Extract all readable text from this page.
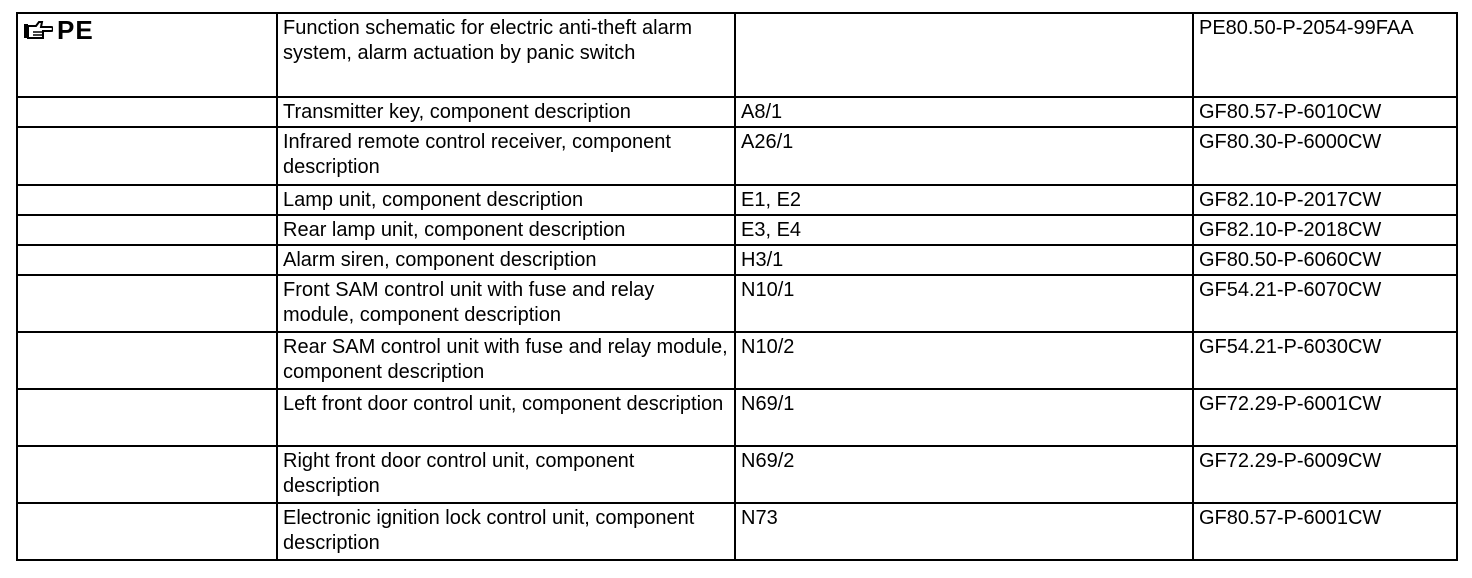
PE	Function schematic for electric anti-theft alarm system, alarm actuation by panic switch		PE80.50-P-2054-99FAA
	Transmitter key, component description	A8/1	GF80.57-P-6010CW
	Infrared remote control receiver, component description	A26/1	GF80.30-P-6000CW
	Lamp unit, component description	E1, E2	GF82.10-P-2017CW
	Rear lamp unit, component description	E3, E4	GF82.10-P-2018CW
	Alarm siren, component description	H3/1	GF80.50-P-6060CW
	Front SAM control unit with fuse and relay module, component description	N10/1	GF54.21-P-6070CW
	Rear SAM control unit with fuse and relay module, component description	N10/2	GF54.21-P-6030CW
	Left front door control unit, component description	N69/1	GF72.29-P-6001CW
	Right front door control unit, component description	N69/2	GF72.29-P-6009CW
	Electronic ignition lock control unit, component description	N73	GF80.57-P-6001CW
